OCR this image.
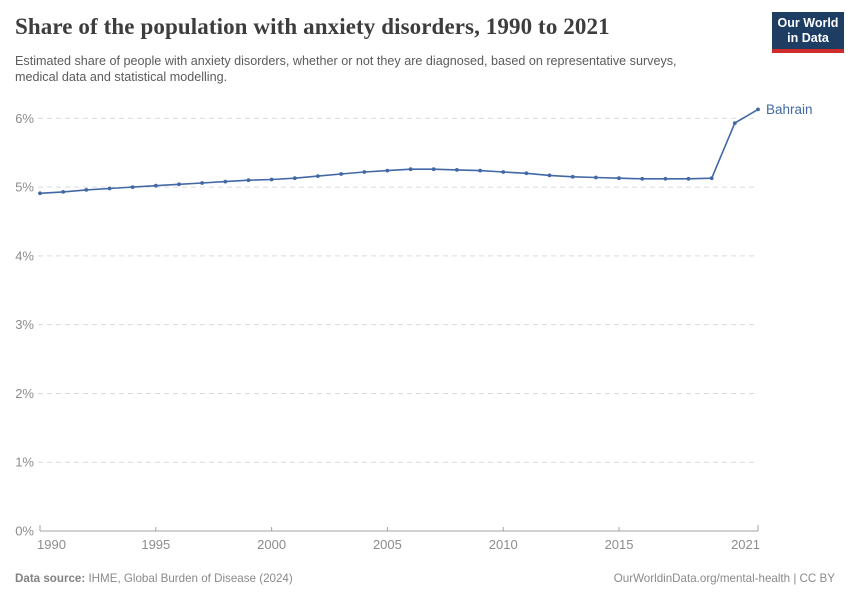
Share of the population with anxiety disorders, 1990 to 2021

Estimated share of people with anxiety disorders, whether or not they are diagnosed, based on representative surveys, medical data and statistical modelling.

Our World
in Data
0%
1%
2%
3%
4%
5%
6%
1990	1995	2000	2005	2010	2015	2021
Bahrain
Data source: IHME, Global Burden of Disease (2024)	OurWorldinData.org/mental-health | CC BY
